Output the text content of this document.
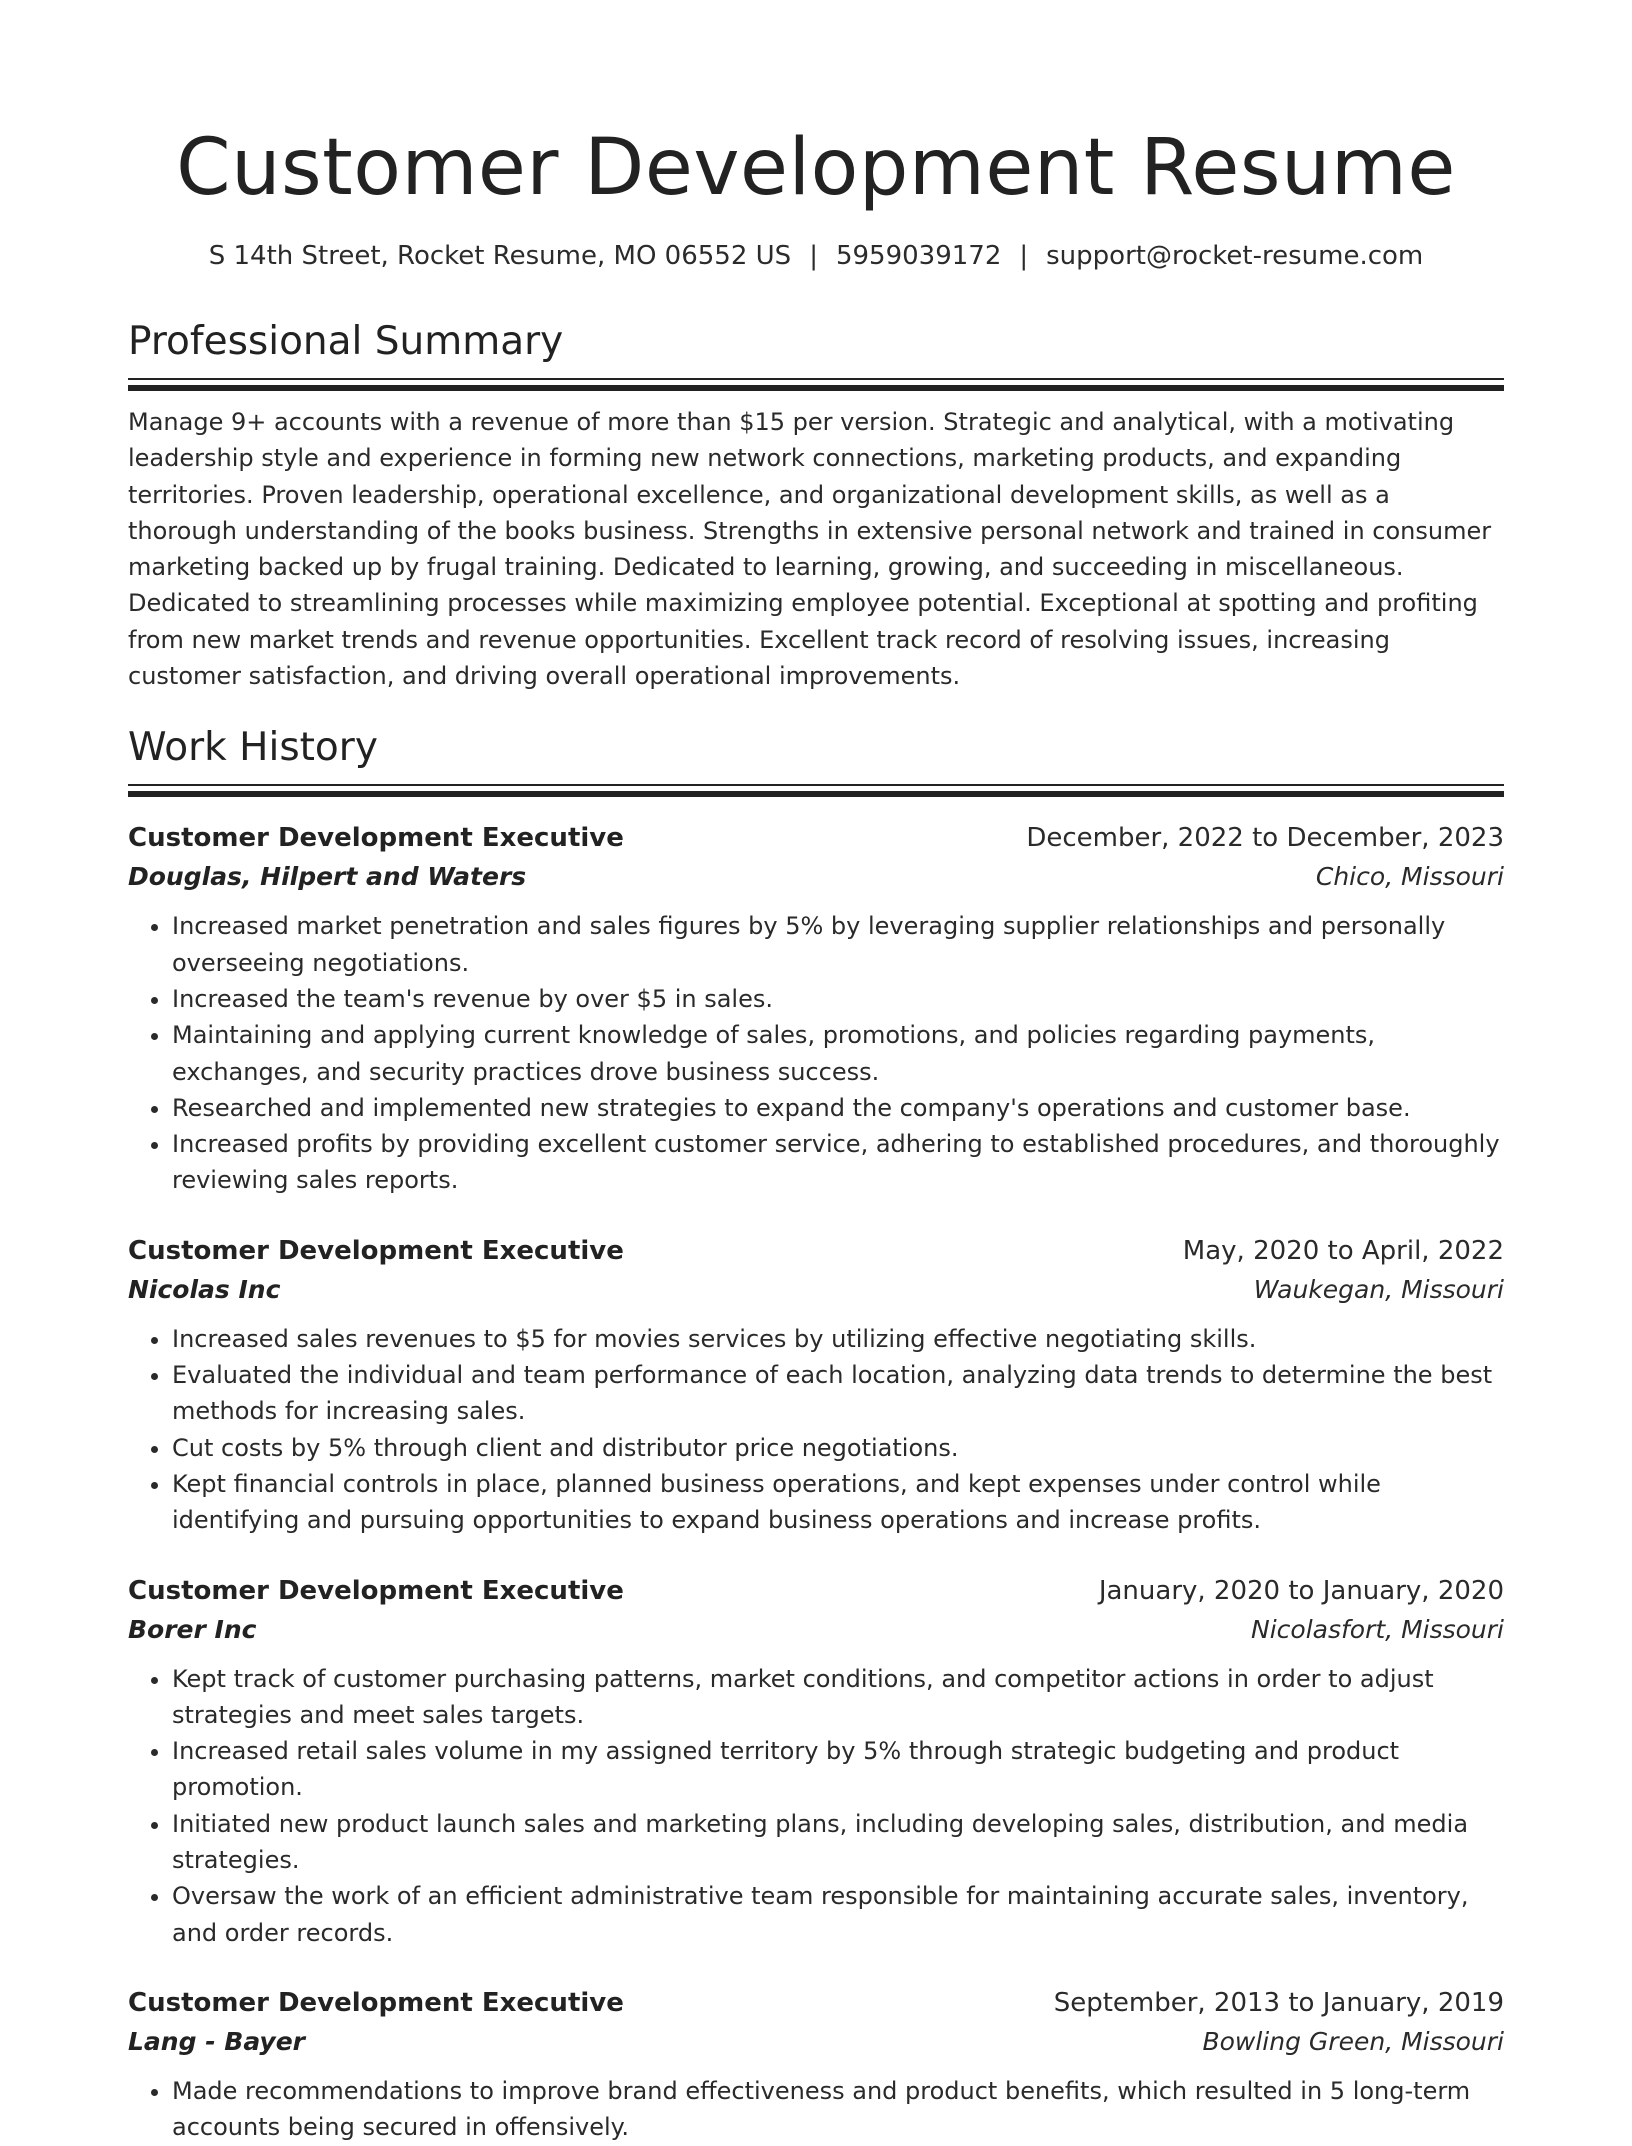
Customer Development Resume
S 14th Street, Rocket Resume, MO 06552 US | 5959039172 | support@rocket-resume.com
Professional Summary

Manage 9+ accounts with a revenue of more than $15 per version. Strategic and analytical, with a motivating leadership style and experience in forming new network connections, marketing products, and expanding territories. Proven leadership, operational excellence, and organizational development skills, as well as a thorough understanding of the books business. Strengths in extensive personal network and trained in consumer marketing backed up by frugal training. Dedicated to learning, growing, and succeeding in miscellaneous. Dedicated to streamlining processes while maximizing employee potential. Exceptional at spotting and profiting from new market trends and revenue opportunities. Excellent track record of resolving issues, increasing customer satisfaction, and driving overall operational improvements.

Work History
Customer Development Executive	December, 2022 to December, 2023
Douglas, Hilpert and Waters	Chico, Missouri
• Increased market penetration and sales figures by 5% by leveraging supplier relationships and personally overseeing negotiations.
• Increased the team's revenue by over $5 in sales.
• Maintaining and applying current knowledge of sales, promotions, and policies regarding payments, exchanges, and security practices drove business success.
• Researched and implemented new strategies to expand the company's operations and customer base.
• Increased profits by providing excellent customer service, adhering to established procedures, and thoroughly reviewing sales reports.
Customer Development Executive	May, 2020 to April, 2022
Nicolas Inc	Waukegan, Missouri
• Increased sales revenues to $5 for movies services by utilizing effective negotiating skills.
• Evaluated the individual and team performance of each location, analyzing data trends to determine the best methods for increasing sales.
• Cut costs by 5% through client and distributor price negotiations.
• Kept financial controls in place, planned business operations, and kept expenses under control while identifying and pursuing opportunities to expand business operations and increase profits.
Customer Development Executive	January, 2020 to January, 2020
Borer Inc	Nicolasfort, Missouri
• Kept track of customer purchasing patterns, market conditions, and competitor actions in order to adjust strategies and meet sales targets.
• Increased retail sales volume in my assigned territory by 5% through strategic budgeting and product promotion.
• Initiated new product launch sales and marketing plans, including developing sales, distribution, and media strategies.
• Oversaw the work of an efficient administrative team responsible for maintaining accurate sales, inventory, and order records.
Customer Development Executive	September, 2013 to January, 2019
Lang - Bayer	Bowling Green, Missouri
• Made recommendations to improve brand effectiveness and product benefits, which resulted in 5 long-term accounts being secured in offensively.
